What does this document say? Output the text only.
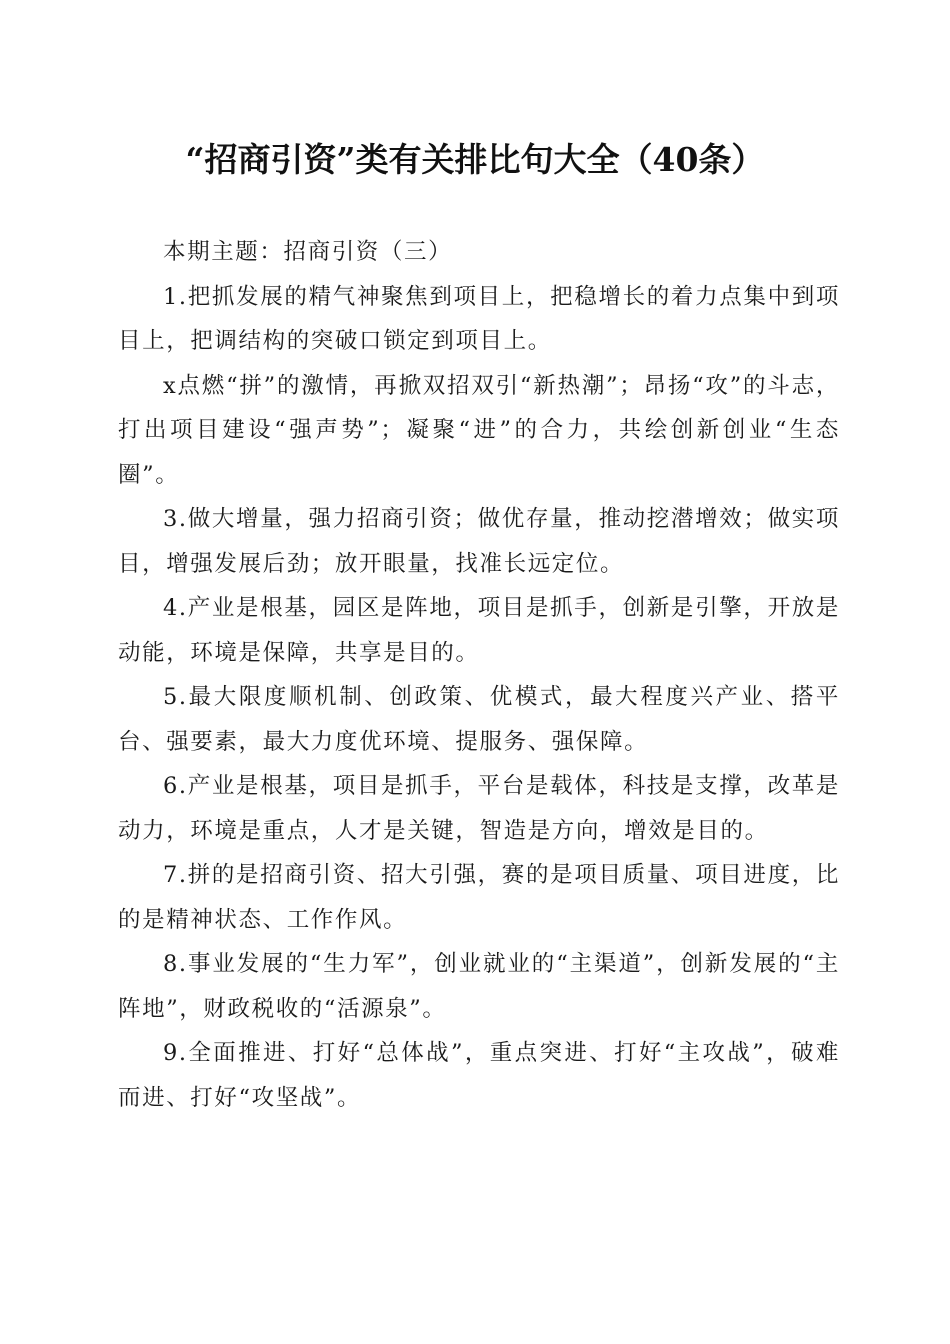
“招商引资”类有关排比句大全（40条）

本期主题：招商引资（三）

1.把抓发展的精气神聚焦到项目上，把稳增长的着力点集中到项目上，把调结构的突破口锁定到项目上。

x点燃“拼”的激情，再掀双招双引“新热潮”；昂扬“攻”的斗志，打出项目建设“强声势”；凝聚“进”的合力，共绘创新创业“生态圈”。

3.做大增量，强力招商引资；做优存量，推动挖潜增效；做实项目，增强发展后劲；放开眼量，找准长远定位。

4.产业是根基，园区是阵地，项目是抓手，创新是引擎，开放是动能，环境是保障，共享是目的。

5.最大限度顺机制、创政策、优模式，最大程度兴产业、搭平台、强要素，最大力度优环境、提服务、强保障。

6.产业是根基，项目是抓手，平台是载体，科技是支撑，改革是动力，环境是重点，人才是关键，智造是方向，增效是目的。

7.拼的是招商引资、招大引强，赛的是项目质量、项目进度，比的是精神状态、工作作风。

8.事业发展的“生力军”，创业就业的“主渠道”，创新发展的“主阵地”，财政税收的“活源泉”。

9.全面推进、打好“总体战”，重点突进、打好“主攻战”，破难而进、打好“攻坚战”。
